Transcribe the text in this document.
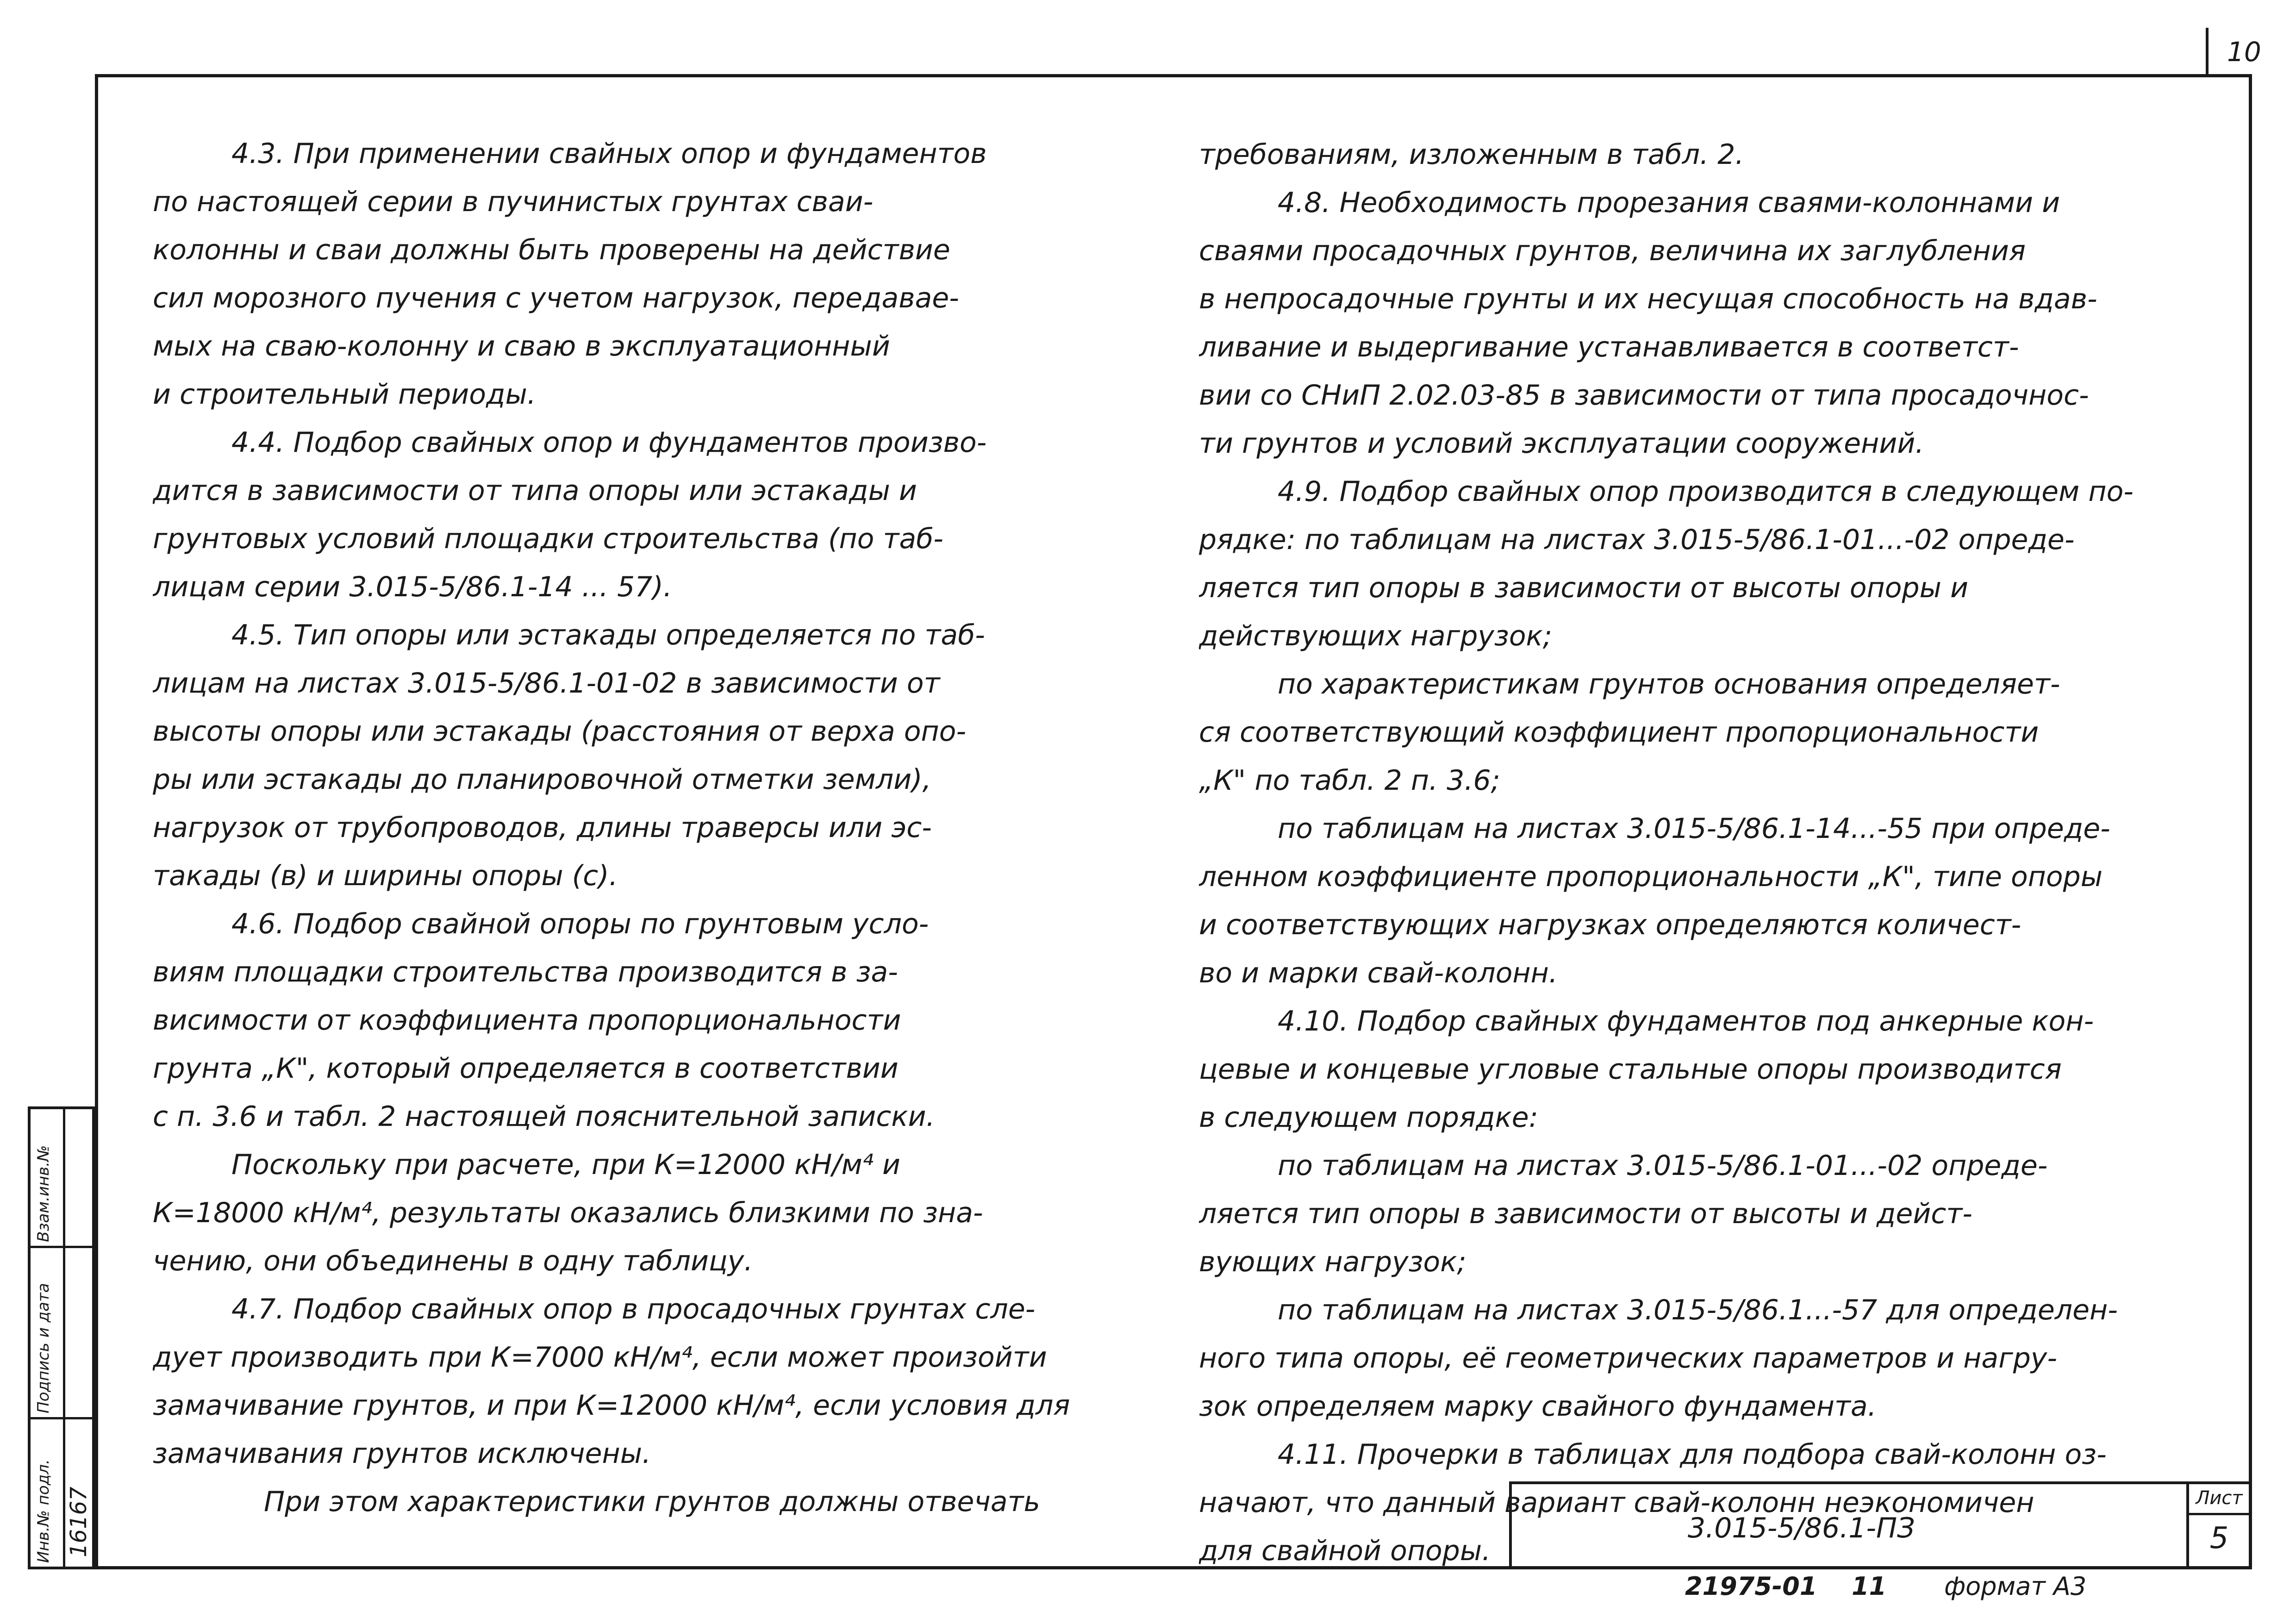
10
4.3. При применении свайных опор и фундаментов
по настоящей серии в пучинистых грунтах сваи-
колонны и сваи должны быть проверены на действие
сил морозного пучения с учетом нагрузок, передавае-
мых на сваю-колонну и сваю в эксплуатационный
и строительный периоды.
4.4. Подбор свайных опор и фундаментов произво-
дится в зависимости от типа опоры или эстакады и
грунтовых условий площадки строительства (по таб-
лицам серии 3.015-5/86.1-14 ... 57).
4.5. Тип опоры или эстакады определяется по таб-
лицам на листах 3.015-5/86.1-01-02 в зависимости от
высоты опоры или эстакады (расстояния от верха опо-
ры или эстакады до планировочной отметки земли),
нагрузок от трубопроводов, длины траверсы или эс-
такады (в) и ширины опоры (с).
4.6. Подбор свайной опоры по грунтовым усло-
виям площадки строительства производится в за-
висимости от коэффициента пропорциональности
грунта „К", который определяется в соответствии
с п. 3.6 и табл. 2 настоящей пояснительной записки.
Поскольку при расчете, при К=12000 кН/м⁴ и
К=18000 кН/м⁴, результаты оказались близкими по зна-
чению, они объединены в одну таблицу.
4.7. Подбор свайных опор в просадочных грунтах сле-
дует производить при К=7000 кН/м⁴, если может произойти
замачивание грунтов, и при К=12000 кН/м⁴, если условия для
замачивания грунтов исключены.
При этом характеристики грунтов должны отвечать
требованиям, изложенным в табл. 2.
4.8. Необходимость прорезания сваями-колоннами и
сваями просадочных грунтов, величина их заглубления
в непросадочные грунты и их несущая способность на вдав-
ливание и выдергивание устанавливается в соответст-
вии со СНиП 2.02.03-85 в зависимости от типа просадочнос-
ти грунтов и условий эксплуатации сооружений.
4.9. Подбор свайных опор производится в следующем по-
рядке: по таблицам на листах 3.015-5/86.1-01...-02 опреде-
ляется тип опоры в зависимости от высоты опоры и
действующих нагрузок;
по характеристикам грунтов основания определяет-
ся соответствующий коэффициент пропорциональности
„К" по табл. 2 п. 3.6;
по таблицам на листах 3.015-5/86.1-14...-55 при опреде-
ленном коэффициенте пропорциональности „К", типе опоры
и соответствующих нагрузках определяются количест-
во и марки свай-колонн.
4.10. Подбор свайных фундаментов под анкерные кон-
цевые и концевые угловые стальные опоры производится
в следующем порядке:
по таблицам на листах 3.015-5/86.1-01...-02 опреде-
ляется тип опоры в зависимости от высоты и дейст-
вующих нагрузок;
по таблицам на листах 3.015-5/86.1...-57 для определен-
ного типа опоры, её геометрических параметров и нагру-
зок определяем марку свайного фундамента.
4.11. Прочерки в таблицах для подбора свай-колонн оз-
начают, что данный вариант свай-колонн неэкономичен
для свайной опоры.
Взам.инв.№
Подпись и дата
Инв.№ подл. 16167	3.015-5/86.1-ПЗ
Лист
5
21975-01 11 формат А3
